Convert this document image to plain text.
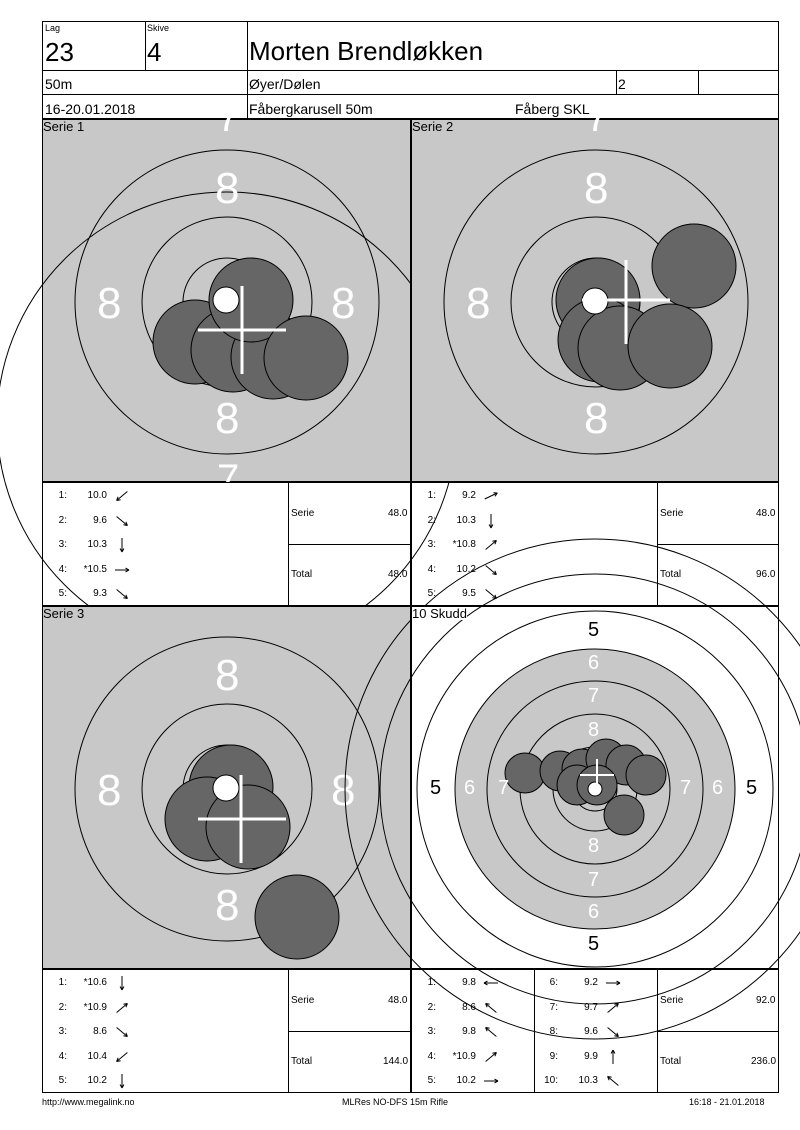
Lag
23
Skive
4	Morten Brendløkken
50m	Øyer/Dølen	2
16-20.01.2018	Fåbergkarusell 50m	Fåberg SKL
8
8
8	8
7
7
Serie 1
8
8
8
7
Serie 2
1:	10.0
2:	9.6
3:	10.3
4:	*10.5
5:	9.3
Serie	48.0
Total	48.0
1:	9.2
2:	10.3
3:	*10.8
4:	10.2
5:	9.5
Serie	48.0
Total	96.0
8
8
8	8
Serie 3
5
5
5	5
6
6
6	6
7
7
7	7
8
8
10 Skudd
1:	*10.6
2:	*10.9
3:	8.6
4:	10.4
5:	10.2
Serie	48.0
Total	144.0
1:	9.8
2:	8.6
3:	9.8
4:	*10.9
5:	10.2
6:	9.2
7:	9.7
8:	9.6
9:	9.9
10:	10.3
Serie	92.0
Total	236.0
http://www.megalink.no	MLRes NO-DFS 15m Rifle	16:18 - 21.01.2018
